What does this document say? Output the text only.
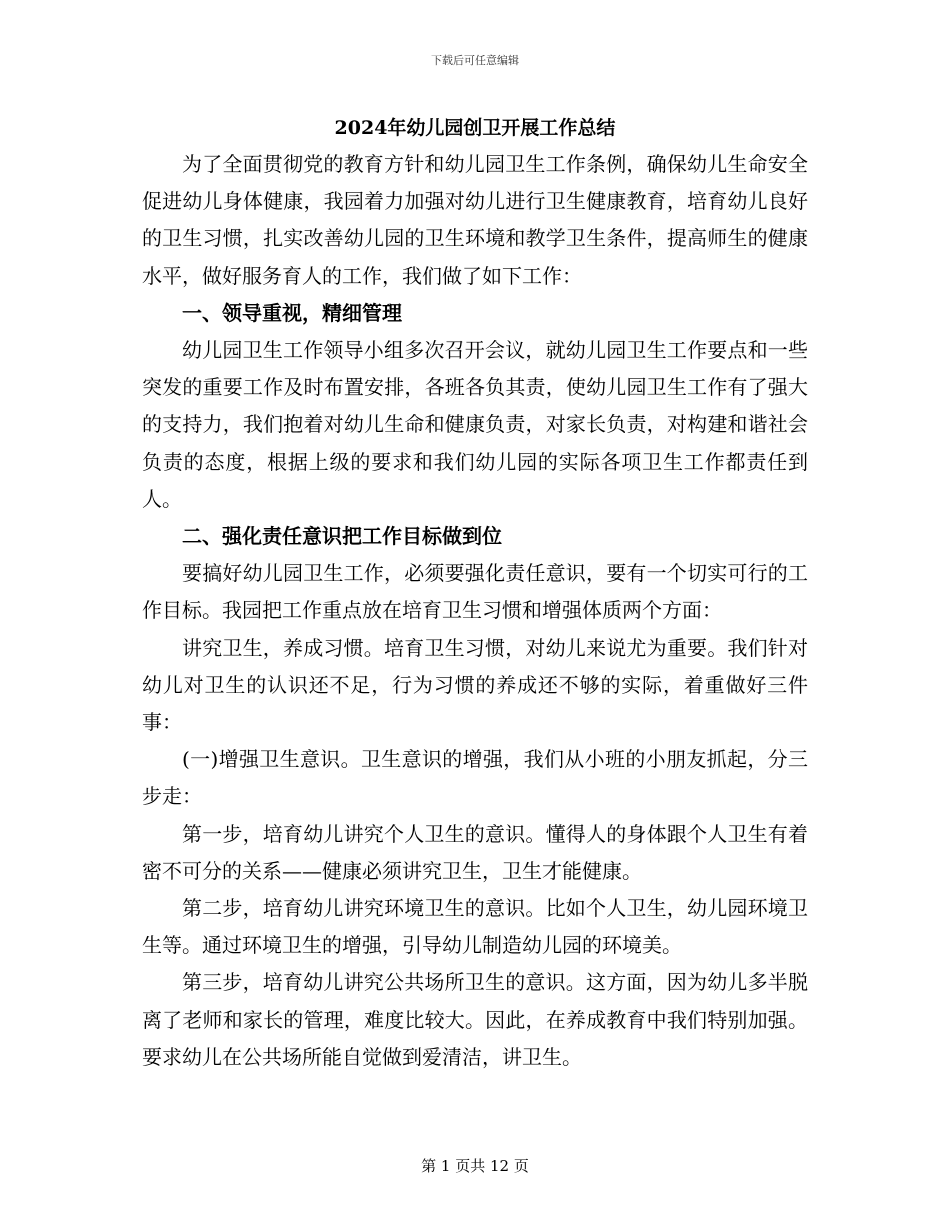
下载后可任意编辑
2024年幼儿园创卫开展工作总结

为了全面贯彻党的教育方针和幼儿园卫生工作条例，确保幼儿生命安全促进幼儿身体健康，我园着力加强对幼儿进行卫生健康教育，培育幼儿良好的卫生习惯，扎实改善幼儿园的卫生环境和教学卫生条件，提高师生的健康水平，做好服务育人的工作，我们做了如下工作：

一、领导重视，精细管理

幼儿园卫生工作领导小组多次召开会议，就幼儿园卫生工作要点和一些突发的重要工作及时布置安排，各班各负其责，使幼儿园卫生工作有了强大的支持力，我们抱着对幼儿生命和健康负责，对家长负责，对构建和谐社会负责的态度，根据上级的要求和我们幼儿园的实际各项卫生工作都责任到人。

二、强化责任意识把工作目标做到位

要搞好幼儿园卫生工作，必须要强化责任意识，要有一个切实可行的工作目标。我园把工作重点放在培育卫生习惯和增强体质两个方面：

讲究卫生，养成习惯。培育卫生习惯，对幼儿来说尤为重要。我们针对幼儿对卫生的认识还不足，行为习惯的养成还不够的实际，着重做好三件事：

(一)增强卫生意识。卫生意识的增强，我们从小班的小朋友抓起，分三步走：

第一步，培育幼儿讲究个人卫生的意识。懂得人的身体跟个人卫生有着密不可分的关系——健康必须讲究卫生，卫生才能健康。

第二步，培育幼儿讲究环境卫生的意识。比如个人卫生，幼儿园环境卫生等。通过环境卫生的增强，引导幼儿制造幼儿园的环境美。

第三步，培育幼儿讲究公共场所卫生的意识。这方面，因为幼儿多半脱离了老师和家长的管理，难度比较大。因此，在养成教育中我们特别加强。要求幼儿在公共场所能自觉做到爱清洁，讲卫生。

第 1 页共 12 页
